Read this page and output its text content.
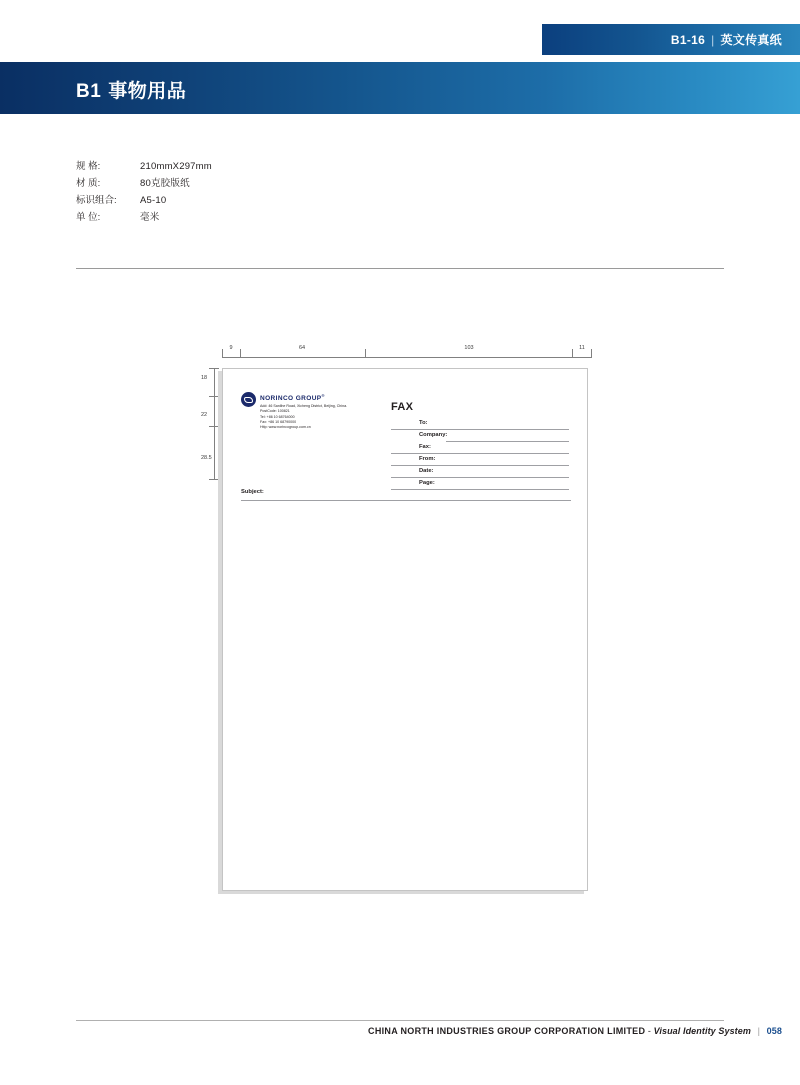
B1-16 | 英文传真纸
B1 事物用品
规 格:	210mmX297mm
材 质:	80克胶版纸
标识组合:	A5-10
单 位:	毫米
9	64	103	11
18
22
28.5
NORINCO GROUP®
Add: 46 Sanlihe Road, Xicheng District, Beijing, China.
PostCode: 100821
Tel: +86 10 68764000
Fax: +86 10 68790000
Http: www.norincogroup.com.cn
FAX
To:
Company:
Fax:
From:
Date:
Page:
Subject:
CHINA NORTH INDUSTRIES GROUP CORPORATION LIMITED - Visual Identity System | 058
